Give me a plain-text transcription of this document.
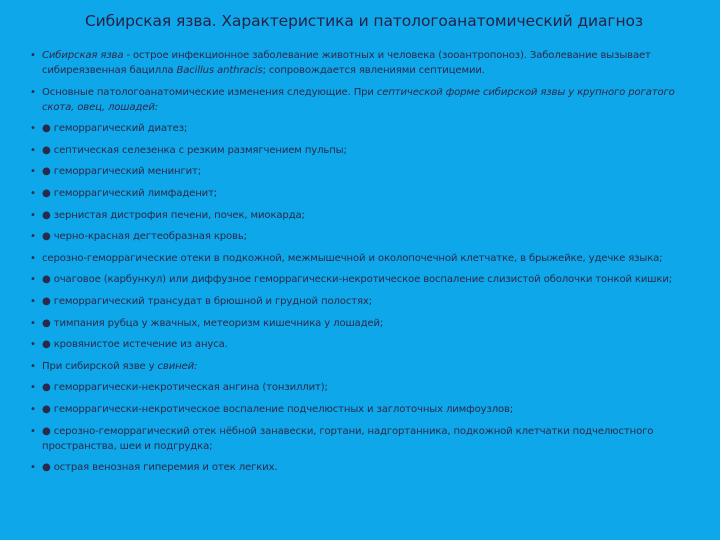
Сибирская язва. Характеристика и патологоанатомический диагноз
• Сибирская язва - острое инфекционное заболевание животных и человека (зооантропоноз). Заболевание вызывает сибиреязвенная бацилла Bacillus anthracis; сопровождается явлениями септицемии.
• Основные патологоанатомические изменения следующие. При септической форме сибирской язвы у крупного рогатого скота, овец, лошадей:
• ● геморрагический диатез;
• ● септическая селезенка с резким размягчением пульпы;
• ● геморрагический менингит;
• ● геморрагический лимфаденит;
• ● зернистая дистрофия печени, почек, миокарда;
• ● черно-красная дегтеобразная кровь;
• серозно-геморрагические отеки в подкожной, межмышечной и околопочечной клетчатке, в брыжейке, удечке языка;
• ● очаговое (карбункул) или диффузное геморрагически-некротическое воспаление слизистой оболочки тонкой кишки;
• ● геморрагический трансудат в брюшной и грудной полостях;
• ● тимпания рубца у жвачных, метеоризм кишечника у лошадей;
• ● кровянистое истечение из ануса.
• При сибирской язве у свиней:
• ● геморрагически-некротическая ангина (тонзиллит);
• ● геморрагически-некротическое воспаление подчелюстных и заглоточных лимфоузлов;
• ● серозно-геморрагический отек нёбной занавески, гортани, надгортанника, подкожной клетчатки подчелюстного пространства, шеи и подгрудка;
• ● острая венозная гиперемия и отек легких.
